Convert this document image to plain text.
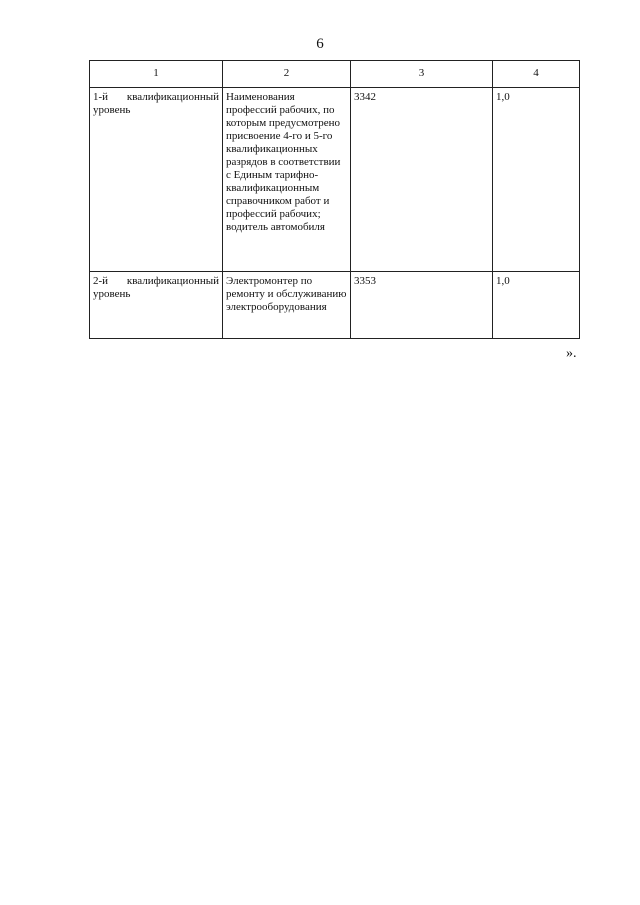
6
1	2	3	4
1-й квалификационный уровень	Наименования профессий рабочих, по которым предусмотрено присвоение 4-го и 5-го квалификационных разрядов в соответствии с Единым тарифно-квалификационным справочником работ и профессий рабочих; водитель автомобиля	3342	1,0
2-й квалификационный уровень	Электромонтер по ремонту и обслуживанию электрооборудования	3353	1,0
».
